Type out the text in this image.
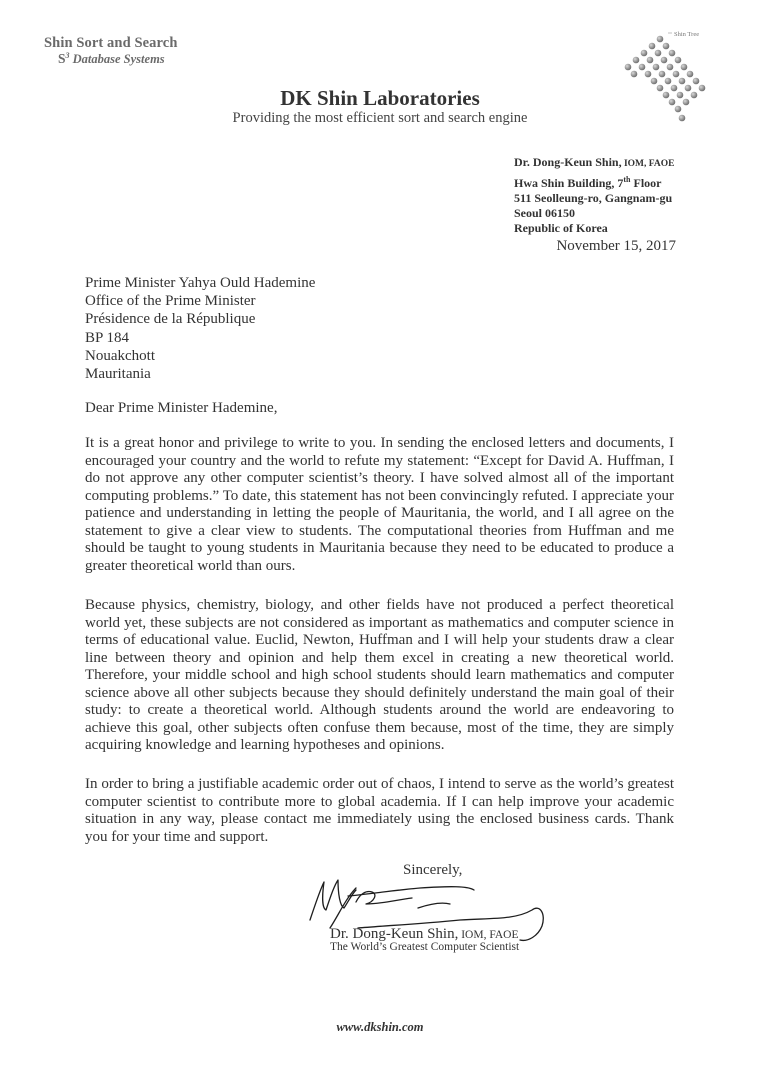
Shin Sort and Search
$S^3$ Database Systems
Shin Tree
DK Shin Laboratories
Providing the most efficient sort and search engine
Dr. Dong-Keun Shin, IOM, FAOE
Hwa Shin Building, 7th Floor
511 Seolleung-ro, Gangnam-gu
Seoul 06150
Republic of Korea
November 15, 2017
Prime Minister Yahya Ould Hademine
Office of the Prime Minister
Présidence de la République
BP 184
Nouakchott
Mauritania
Dear Prime Minister Hademine,
It is a great honor and privilege to write to you. In sending the enclosed letters and documents, I encouraged your country and the world to refute my statement: “Except for David A. Huffman, I do not approve any other computer scientist’s theory. I have solved almost all of the important computing problems.” To date, this statement has not been convincingly refuted. I appreciate your patience and understanding in letting the people of Mauritania, the world, and I all agree on the statement to give a clear view to students. The computational theories from Huffman and me should be taught to young students in Mauritania because they need to be educated to produce a greater theoretical world than ours.
Because physics, chemistry, biology, and other fields have not produced a perfect theoretical world yet, these subjects are not considered as important as mathematics and computer science in terms of educational value. Euclid, Newton, Huffman and I will help your students draw a clear line between theory and opinion and help them excel in creating a new theoretical world. Therefore, your middle school and high school students should learn mathematics and computer science above all other subjects because they should definitely understand the main goal of their study: to create a theoretical world. Although students around the world are endeavoring to achieve this goal, other subjects often confuse them because, most of the time, they are simply acquiring knowledge and learning hypotheses and opinions.
In order to bring a justifiable academic order out of chaos, I intend to serve as the world’s greatest computer scientist to contribute more to global academia. If I can help improve your academic situation in any way, please contact me immediately using the enclosed business cards. Thank you for your time and support.
Sincerely,
Dr. Dong-Keun Shin, IOM, FAOE
The World’s Greatest Computer Scientist
www.dkshin.com
